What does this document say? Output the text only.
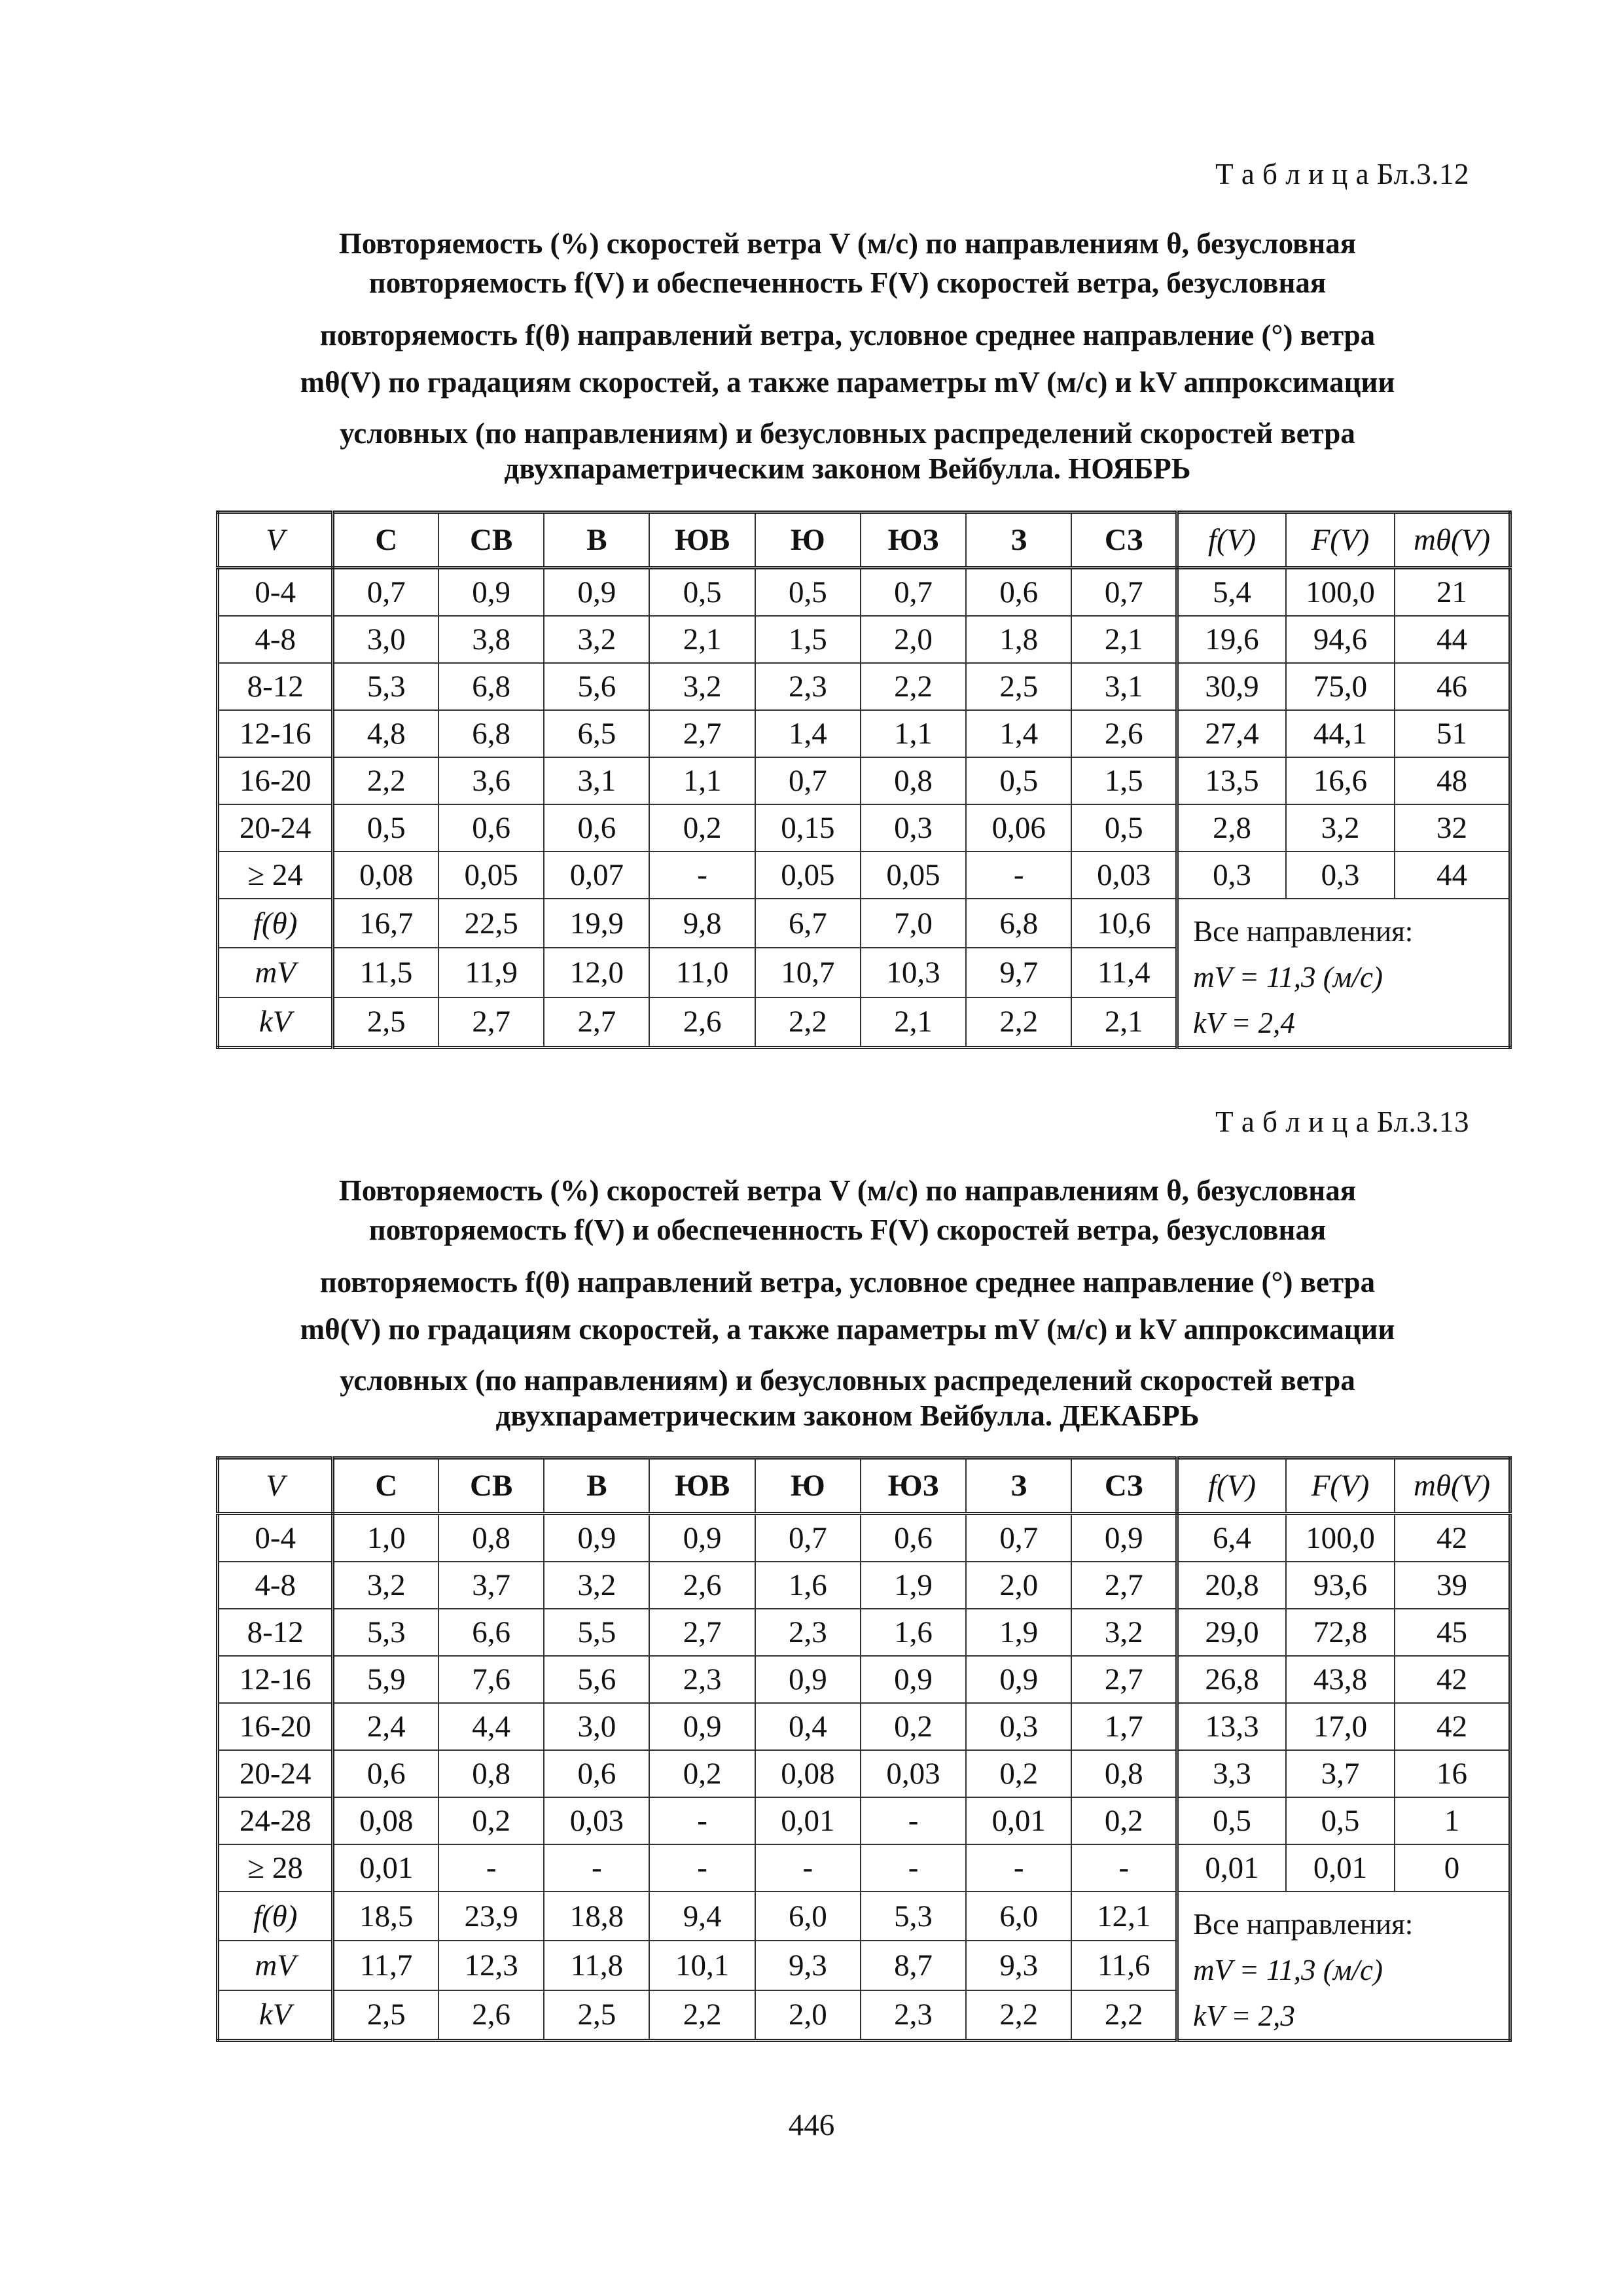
Т а б л и ц а Бл.3.12
Повторяемость (%) скоростей ветра V (м/с) по направлениям θ, безусловная
повторяемость f(V) и обеспеченность F(V) скоростей ветра, безусловная
повторяемость f(θ) направлений ветра, условное среднее направление (°) ветра
mθ(V) по градациям скоростей, а также параметры mV (м/с) и kV аппроксимации
условных (по направлениям) и безусловных распределений скоростей ветра
двухпараметрическим законом Вейбулла. НОЯБРЬ
V	С	СВ	В	ЮВ	Ю	ЮЗ	З	СЗ	f(V)	F(V)	mθ(V)
0-4	0,7	0,9	0,9	0,5	0,5	0,7	0,6	0,7	5,4	100,0	21
4-8	3,0	3,8	3,2	2,1	1,5	2,0	1,8	2,1	19,6	94,6	44
8-12	5,3	6,8	5,6	3,2	2,3	2,2	2,5	3,1	30,9	75,0	46
12-16	4,8	6,8	6,5	2,7	1,4	1,1	1,4	2,6	27,4	44,1	51
16-20	2,2	3,6	3,1	1,1	0,7	0,8	0,5	1,5	13,5	16,6	48
20-24	0,5	0,6	0,6	0,2	0,15	0,3	0,06	0,5	2,8	3,2	32
≥ 24	0,08	0,05	0,07	-	0,05	0,05	-	0,03	0,3	0,3	44
f(θ)	16,7	22,5	19,9	9,8	6,7	7,0	6,8	10,6	Все направления:
mV = 11,3 (м/с)
kV = 2,4		

mV	11,5	11,9	12,0	11,0	10,7	10,3	9,7	11,4			
kV	2,5	2,7	2,7	2,6	2,2	2,1	2,2	2,1			
Т а б л и ц а Бл.3.13
Повторяемость (%) скоростей ветра V (м/с) по направлениям θ, безусловная
повторяемость f(V) и обеспеченность F(V) скоростей ветра, безусловная
повторяемость f(θ) направлений ветра, условное среднее направление (°) ветра
mθ(V) по градациям скоростей, а также параметры mV (м/с) и kV аппроксимации
условных (по направлениям) и безусловных распределений скоростей ветра
двухпараметрическим законом Вейбулла. ДЕКАБРЬ
V	С	СВ	В	ЮВ	Ю	ЮЗ	З	СЗ	f(V)	F(V)	mθ(V)
0-4	1,0	0,8	0,9	0,9	0,7	0,6	0,7	0,9	6,4	100,0	42
4-8	3,2	3,7	3,2	2,6	1,6	1,9	2,0	2,7	20,8	93,6	39
8-12	5,3	6,6	5,5	2,7	2,3	1,6	1,9	3,2	29,0	72,8	45
12-16	5,9	7,6	5,6	2,3	0,9	0,9	0,9	2,7	26,8	43,8	42
16-20	2,4	4,4	3,0	0,9	0,4	0,2	0,3	1,7	13,3	17,0	42
20-24	0,6	0,8	0,6	0,2	0,08	0,03	0,2	0,8	3,3	3,7	16
24-28	0,08	0,2	0,03	-	0,01	-	0,01	0,2	0,5	0,5	1
≥ 28	0,01	-	-	-	-	-	-	-	0,01	0,01	0
f(θ)	18,5	23,9	18,8	9,4	6,0	5,3	6,0	12,1	Все направления:
mV = 11,3 (м/с)
kV = 2,3		

mV	11,7	12,3	11,8	10,1	9,3	8,7	9,3	11,6			
kV	2,5	2,6	2,5	2,2	2,0	2,3	2,2	2,2			
446
